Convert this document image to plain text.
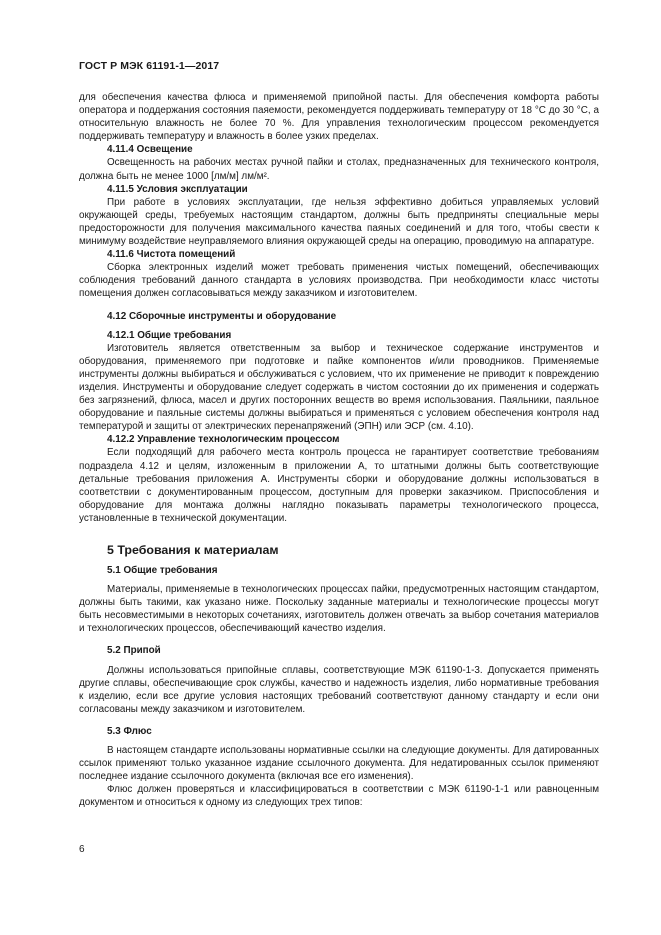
ГОСТ Р МЭК 61191-1—2017

для обеспечения качества флюса и применяемой припойной пасты. Для обеспечения комфорта работы оператора и поддержания состояния паяемости, рекомендуется поддерживать температуру от 18 °С до 30 °С, а относительную влажность не более 70 %. Для управления технологическим процессом рекомендуется поддерживать температуру и влажность в более узких пределах.

4.11.4 Освещение

Освещенность на рабочих местах ручной пайки и столах, предназначенных для технического контроля, должна быть не менее 1000 [лм/м] лм/м².

4.11.5 Условия эксплуатации

При работе в условиях эксплуатации, где нельзя эффективно добиться управляемых условий окружающей среды, требуемых настоящим стандартом, должны быть предприняты специальные меры предосторожности для получения максимального качества паяных соединений и для того, чтобы свести к минимуму воздействие неуправляемого влияния окружающей среды на операцию, проводимую на аппаратуре.

4.11.6 Чистота помещений

Сборка электронных изделий может требовать применения чистых помещений, обеспечивающих соблюдения требований данного стандарта в условиях производства. При необходимости класс чистоты помещения должен согласовываться между заказчиком и изготовителем.

4.12 Сборочные инструменты и оборудование
4.12.1 Общие требования

Изготовитель является ответственным за выбор и техническое содержание инструментов и оборудования, применяемого при подготовке и пайке компонентов и/или проводников. Применяемые инструменты должны выбираться и обслуживаться с условием, что их применение не приводит к повреждению изделия. Инструменты и оборудование следует содержать в чистом состоянии до их применения и содержать без загрязнений, флюса, масел и других посторонних веществ во время использования. Паяльники, паяльное оборудование и паяльные системы должны выбираться и применяться с условием обеспечения контроля над температурой и защиты от электрических перенапряжений (ЭПН) или ЭСР (см. 4.10).

4.12.2 Управление технологическим процессом

Если подходящий для рабочего места контроль процесса не гарантирует соответствие требованиям подраздела 4.12 и целям, изложенным в приложении А, то штатными должны быть соответствующие детальные требования приложения А. Инструменты сборки и оборудование должны использоваться в соответствии с документированным процессом, доступным для проверки заказчиком. Приспособления и оборудование для монтажа должны наглядно показывать параметры технологического процесса, установленные в технической документации.

5 Требования к материалам
5.1 Общие требования

Материалы, применяемые в технологических процессах пайки, предусмотренных настоящим стандартом, должны быть такими, как указано ниже. Поскольку заданные материалы и технологические процессы могут быть несовместимыми в некоторых сочетаниях, изготовитель должен отвечать за выбор сочетания материалов и технологических процессов, обеспечивающий качество изделия.

5.2 Припой

Должны использоваться припойные сплавы, соответствующие МЭК 61190-1-3. Допускается применять другие сплавы, обеспечивающие срок службы, качество и надежность изделия, либо нормативные требования к изделию, если все другие условия настоящих требований соответствуют данному стандарту и если они согласованы между заказчиком и изготовителем.

5.3 Флюс

В настоящем стандарте использованы нормативные ссылки на следующие документы. Для датированных ссылок применяют только указанное издание ссылочного документа. Для недатированных ссылок применяют последнее издание ссылочного документа (включая все его изменения).

Флюс должен проверяться и классифицироваться в соответствии с МЭК 61190-1-1 или равноценным документом и относиться к одному из следующих трех типов:

6
